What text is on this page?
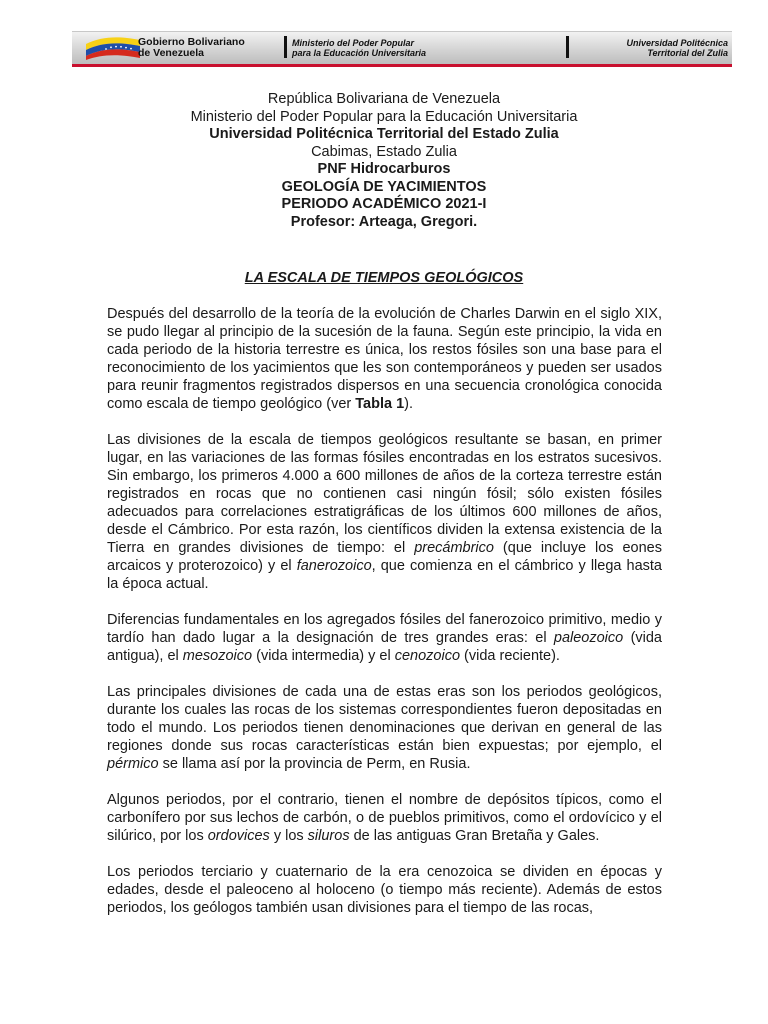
Gobierno Bolivariano
de Venezuela
Ministerio del Poder Popular
para la Educación Universitaria
Universidad Politécnica
Territorial del Zulia
República Bolivariana de Venezuela
Ministerio del Poder Popular para la Educación Universitaria
Universidad Politécnica Territorial del Estado Zulia
Cabimas, Estado Zulia
PNF Hidrocarburos
GEOLOGÍA DE YACIMIENTOS
PERIODO ACADÉMICO 2021-I
Profesor: Arteaga, Gregori.
LA ESCALA DE TIEMPOS GEOLÓGICOS

Después del desarrollo de la teoría de la evolución de Charles Darwin en el siglo XIX, se pudo llegar al principio de la sucesión de la fauna. Según este principio, la vida en cada periodo de la historia terrestre es única, los restos fósiles son una base para el reconocimiento de los yacimientos que les son contemporáneos y pueden ser usados para reunir fragmentos registrados dispersos en una secuencia cronológica conocida como escala de tiempo geológico (ver Tabla 1).

Las divisiones de la escala de tiempos geológicos resultante se basan, en primer lugar, en las variaciones de las formas fósiles encontradas en los estratos sucesivos. Sin embargo, los primeros 4.000 a 600 millones de años de la corteza terrestre están registrados en rocas que no contienen casi ningún fósil; sólo existen fósiles adecuados para correlaciones estratigráficas de los últimos 600 millones de años, desde el Cámbrico. Por esta razón, los científicos dividen la extensa existencia de la Tierra en grandes divisiones de tiempo: el precámbrico (que incluye los eones arcaicos y proterozoico) y el fanerozoico, que comienza en el cámbrico y llega hasta la época actual.

Diferencias fundamentales en los agregados fósiles del fanerozoico primitivo, medio y tardío han dado lugar a la designación de tres grandes eras: el paleozoico (vida antigua), el mesozoico (vida intermedia) y el cenozoico (vida reciente).

Las principales divisiones de cada una de estas eras son los periodos geológicos, durante los cuales las rocas de los sistemas correspondientes fueron depositadas en todo el mundo. Los periodos tienen denominaciones que derivan en general de las regiones donde sus rocas características están bien expuestas; por ejemplo, el pérmico se llama así por la provincia de Perm, en Rusia.

Algunos periodos, por el contrario, tienen el nombre de depósitos típicos, como el carbonífero por sus lechos de carbón, o de pueblos primitivos, como el ordovícico y el silúrico, por los ordovices y los siluros de las antiguas Gran Bretaña y Gales.

Los periodos terciario y cuaternario de la era cenozoica se dividen en épocas y edades, desde el paleoceno al holoceno (o tiempo más reciente). Además de estos periodos, los geólogos también usan divisiones para el tiempo de las rocas,
